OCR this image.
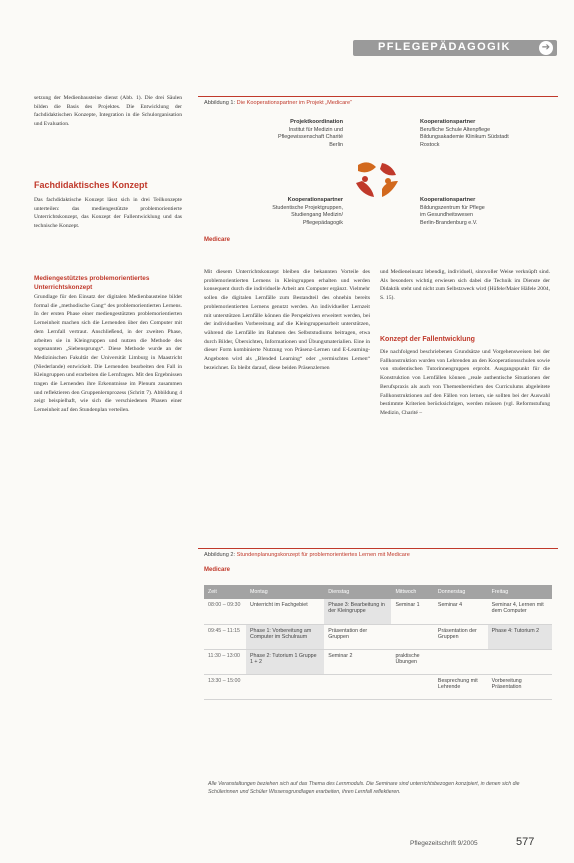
PFLEGEPÄDAGOGIK	➔
setzung der Medienbausteine dienst (Abb. 1). Die drei Säulen bilden die Basis des Projektes. Die Entwicklung der fachdidaktischen Konzepte, Integration in die Schulorganisation und Evaluation.
Fachdidaktisches Konzept
Das fachdidaktische Konzept lässt sich in drei Teilkonzepte unterteilen: das mediengestützte problemorientierte Unterrichtskonzept, das Konzept der Fallentwicklung und das technische Konzept.
Mediengestütztes problemorientiertes Unterrichtskonzept
Grundlage für den Einsatz der digitalen Medienbausteine bildet formal die „methodische Gang“ des problemorientierten Lernens. In der ersten Phase einer mediengestützten problemorientierten Lerneinheit machen sich die Lernenden über den Computer mit dem Lernfall vertraut. Anschließend, in der zweiten Phase, arbeiten sie in Kleingruppen und nutzen die Methode des sogenannten „Siebensprungs“. Diese Methode wurde an der Medizinischen Fakultät der Universität Limburg in Maastricht (Niederlande) entwickelt. Die Lernenden bearbeiten den Fall in Kleingruppen und erarbeiten die Lernfragen. Mit den Ergebnissen tragen die Lernenden ihre Erkenntnisse im Plenum zusammen und reflektieren den Gruppenlernprozess (Schritt 7). Abbildung 4 zeigt beispielhaft, wie sich die verschiedenen Phasen einer Lerneinheit auf den Stundenplan verteilen.
Abbildung 1: Die Kooperationspartner im Projekt „Medicare“
Projektkoordination
Institut für Medizin und
Pflegewissenschaft Charité
Berlin
Kooperationspartner
Berufliche Schule Altenpflege
Bildungsakademie Klinikum Südstadt
Rostock
Kooperationspartner
Studentische Projektgruppen,
Studiengang Medizin/
Pflegepädagogik
Kooperationspartner
Bildungszentrum für Pflege
im Gesundheitswesen
Berlin-Brandenburg e.V.
Medicare
Mit diesem Unterrichtskonzept bleiben die bekannten Vorteile des problemorientierten Lernens in Kleingruppen erhalten und werden konsequent durch die individuelle Arbeit am Computer ergänzt. Vielmehr sollen die digitalen Lernfälle zum Bestandteil des ohnehin bereits problemorientierten Lernens genutzt werden. An individueller Lernzeit mit unterstützen Lernfälle können die Perspektiven erweitert werden, bei der individuellen Vorbereitung auf die Kleingruppenarbeit unterstützen, während die Lernfälle im Rahmen des Selbststudiums beitragen, etwa durch Bilder, Übersichten, Informationen und Übungsmaterialien. Eine in dieser Form kombinierte Nutzung von Präsenz-Lernen und E-Learning-Angeboten wird als „Blended Learning“ oder „vermischtes Lernen“ bezeichnet. Es bleibt darauf, diese beiden Präsenzlernen
und Medieneinsatz lebendig, individuell, sinnvoller Weise verknüpft sind. Als besonders wichtig erwiesen sich dabei die Technik im Dienste der Didaktik steht und nicht zum Selbstzweck wird (Hüfele/Maier Häfele 2004, S. 15).
Konzept der Fallentwicklung
Die nachfolgend beschriebenen Grundsätze und Vorgehensweisen bei der Fallkonstruktion wurden von Lehrenden an den Kooperationsschulen sowie von studentischen Tutorinnengruppen erprobt. Ausgangspunkt für die Konstruktion von Lernfällen können „reale authentische Situationen der Berufspraxis als auch von Themenbereichen des Curriculums abgeleitete Fallkonstruktionen auf den Fällen von lernen, sie sollten bei der Auswahl bestimmte Kriterien berücksichtigen, werden müssen (vgl. Reformstufung Medizin, Charité –
Abbildung 2: Stundenplanungskonzept für problemorientiertes Lernen mit Medicare
Medicare
Zeit	Montag	Dienstag	Mittwoch	Donnerstag	Freitag
08:00 – 09:30	Unterricht im Fachgebiet	Phase 3: Bearbeitung in der Kleingruppe	Seminar 1	Seminar 4	Seminar 4, Lernen mit dem Computer
09:45 – 11:15	Phase 1: Vorbereitung am Computer im Schulraum	Präsentation der Gruppen		Präsentation der Gruppen	Phase 4: Tutorium 2
11:30 – 13:00	Phase 2: Tutorium 1 Gruppe 1 + 2	Seminar 2	praktische Übungen		
13:30 – 15:00				Besprechung mit Lehrende	Vorbereitung Präsentation
Alle Veranstaltungen beziehen sich auf das Thema des Lernmoduls. Die Seminare sind unterrichtsbezogen konzipiert, in denen sich die Schülerinnen und Schüler Wissensgrundlagen erarbeiten, ihren Lernfall reflektieren.
Pflegezeitschrift 9/2005	577
